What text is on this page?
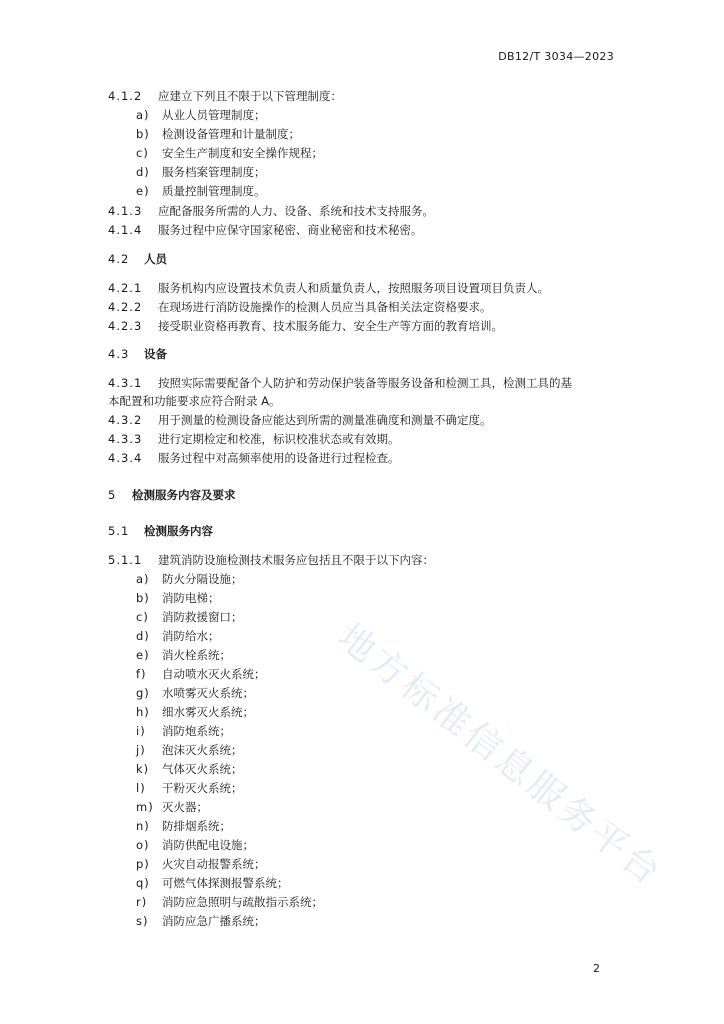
DB12/T 3034—2023
4.1.2 应建立下列且不限于以下管理制度：
a) 从业人员管理制度；
b) 检测设备管理和计量制度；
c) 安全生产制度和安全操作规程；
d) 服务档案管理制度；
e) 质量控制管理制度。
4.1.3 应配备服务所需的人力、设备、系统和技术支持服务。
4.1.4 服务过程中应保守国家秘密、商业秘密和技术秘密。
4.2 人员
4.2.1 服务机构内应设置技术负责人和质量负责人，按照服务项目设置项目负责人。
4.2.2 在现场进行消防设施操作的检测人员应当具备相关法定资格要求。
4.2.3 接受职业资格再教育、技术服务能力、安全生产等方面的教育培训。
4.3 设备
4.3.1 按照实际需要配备个人防护和劳动保护装备等服务设备和检测工具，检测工具的基
本配置和功能要求应符合附录 A。
4.3.2 用于测量的检测设备应能达到所需的测量准确度和测量不确定度。
4.3.3 进行定期检定和校准，标识校准状态或有效期。
4.3.4 服务过程中对高频率使用的设备进行过程检查。
5 检测服务内容及要求
5.1 检测服务内容
5.1.1 建筑消防设施检测技术服务应包括且不限于以下内容：
a) 防火分隔设施；
b) 消防电梯；
c) 消防救援窗口；
d) 消防给水；
e) 消火栓系统；
f) 自动喷水灭火系统；
g) 水喷雾灭火系统；
h) 细水雾灭火系统；
i) 消防炮系统；
j) 泡沫灭火系统；
k) 气体灭火系统；
l) 干粉灭火系统；
m) 灭火器；
n) 防排烟系统；
o) 消防供配电设施；
p) 火灾自动报警系统；
q) 可燃气体探测报警系统；
r) 消防应急照明与疏散指示系统；
s) 消防应急广播系统；
地方标准信息服务平台
2
